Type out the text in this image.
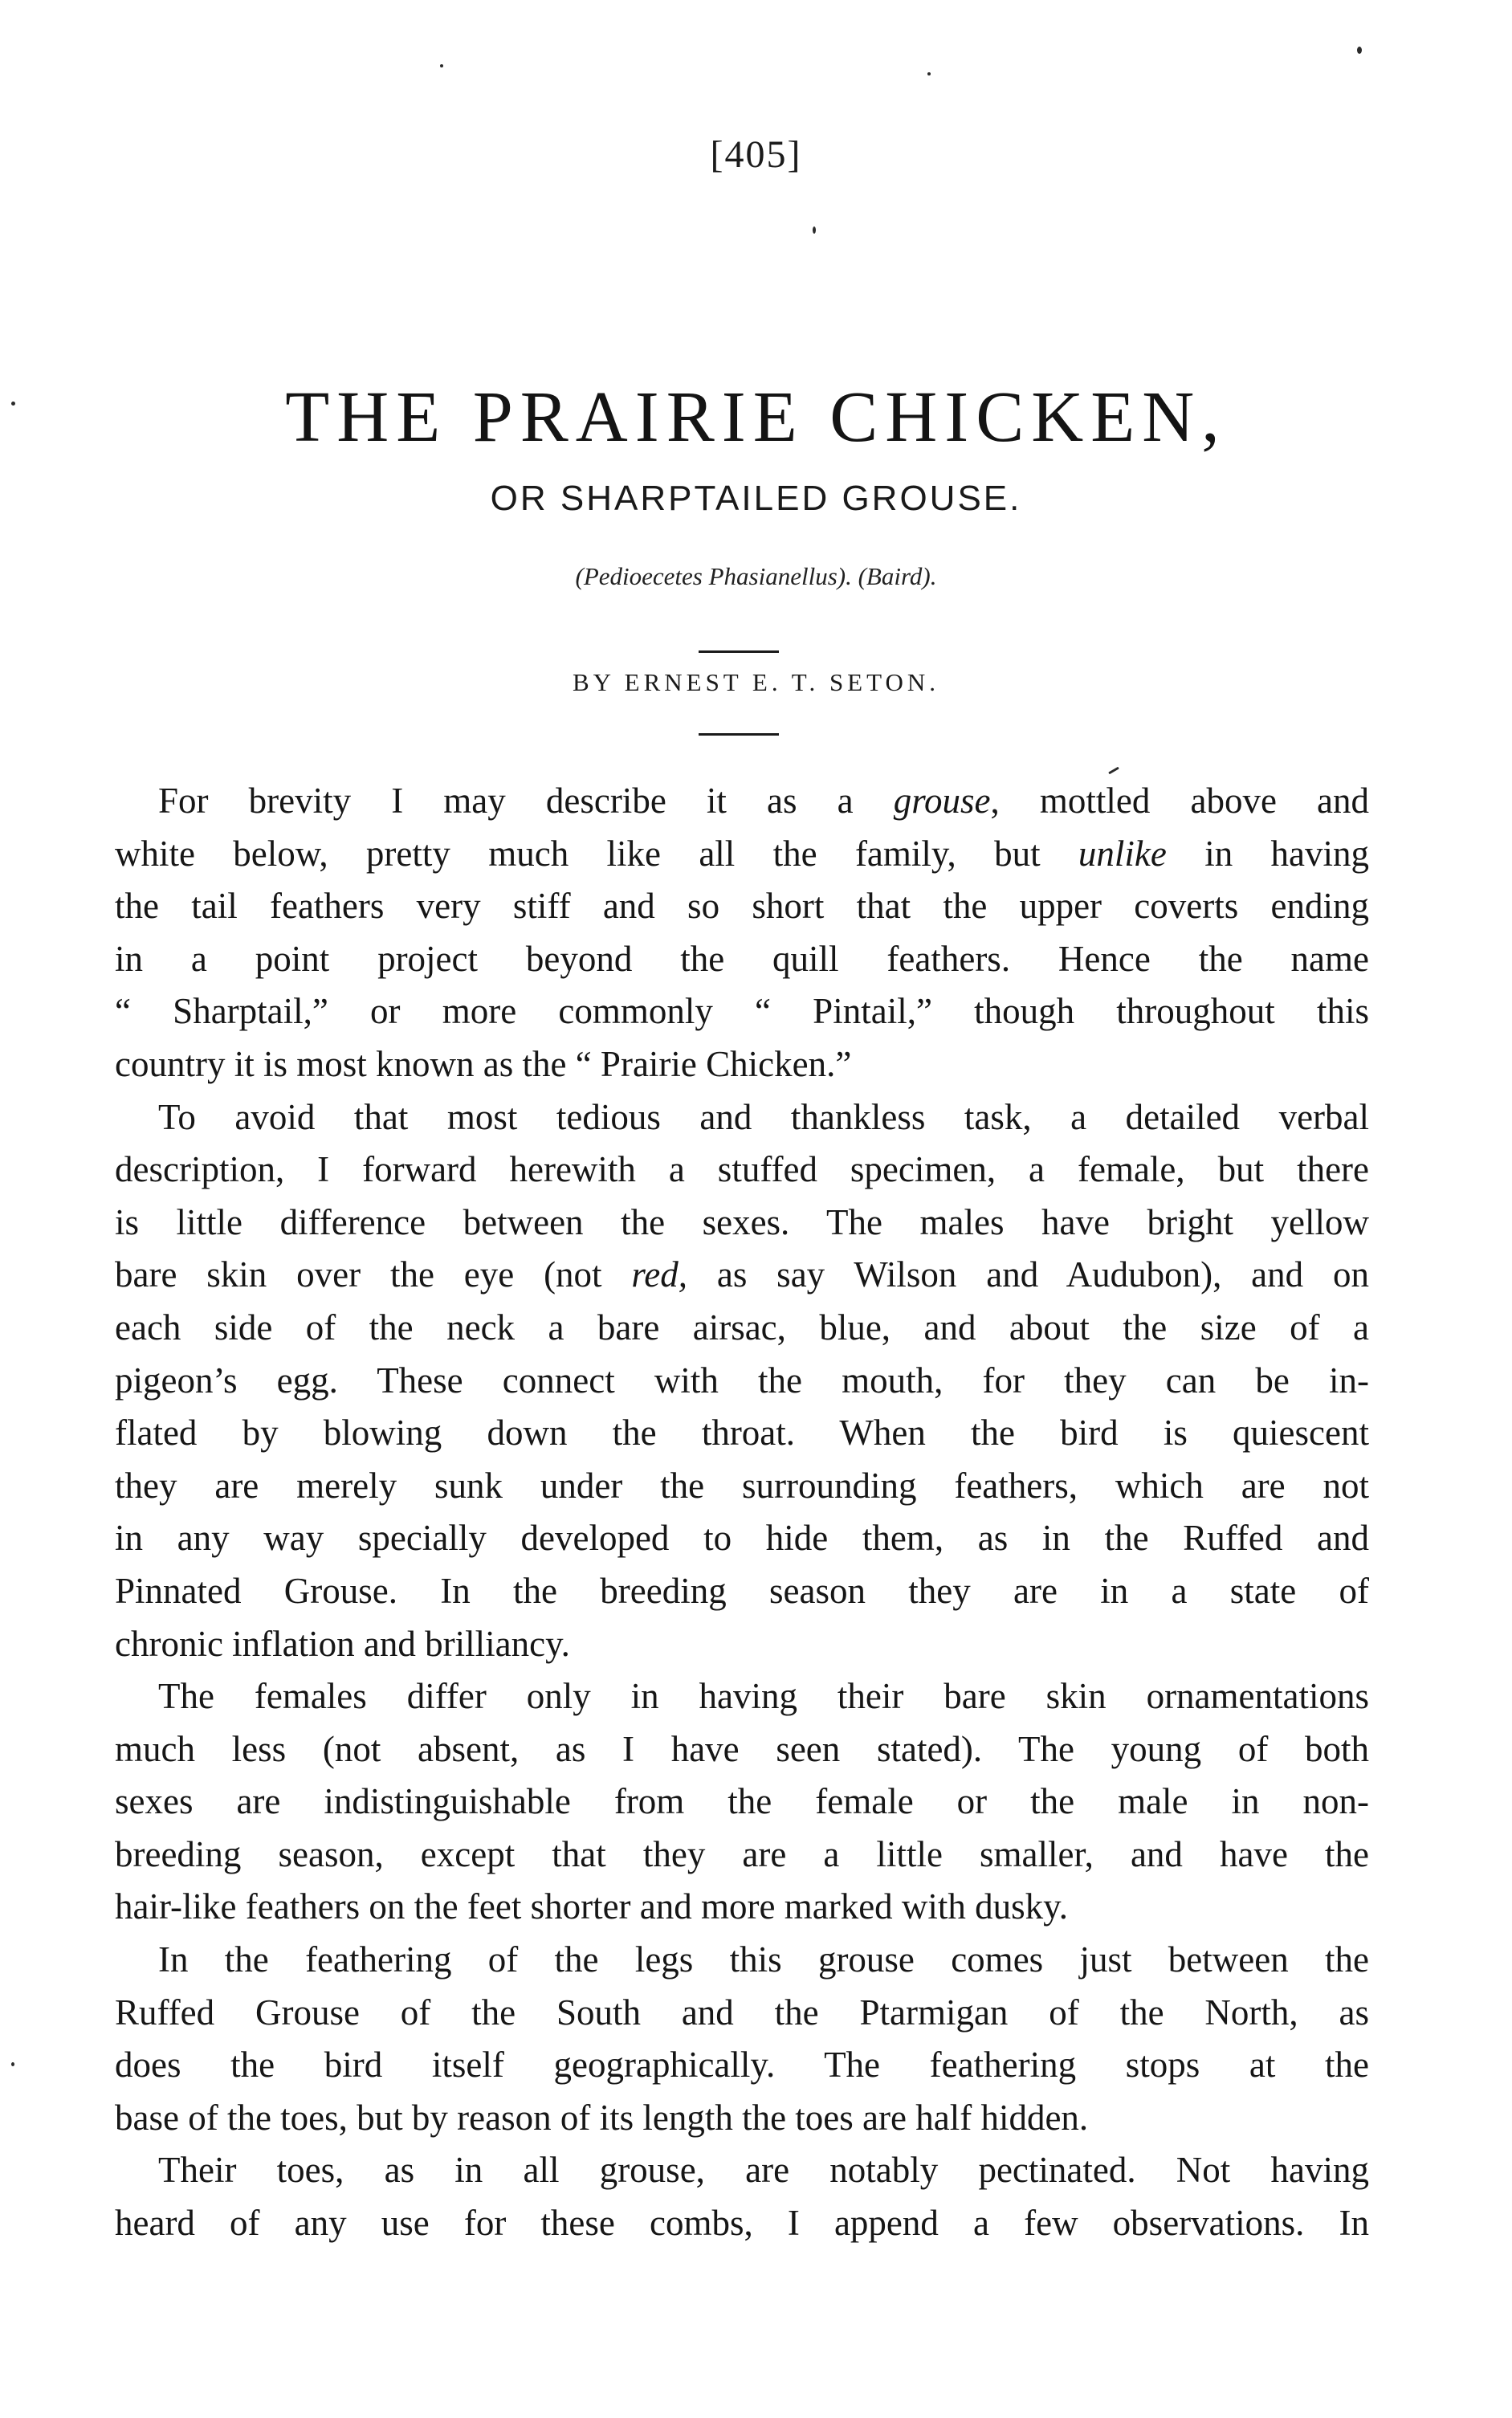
[405]
THE PRAIRIE CHICKEN,
OR SHARPTAILED GROUSE.
(Pedioecetes Phasianellus). (Baird).
BY ERNEST E. T. SETON.
For brevity I may describe it as a grouse, mottled above and
white below, pretty much like all the family, but unlike in having
the tail feathers very stiff and so short that the upper coverts ending
in a point project beyond the quill feathers. Hence the name
“ Sharptail,” or more commonly “ Pintail,” though throughout this
country it is most known as the “ Prairie Chicken.”
To avoid that most tedious and thankless task, a detailed verbal
description, I forward herewith a stuffed specimen, a female, but there
is little difference between the sexes. The males have bright yellow
bare skin over the eye (not red, as say Wilson and Audubon), and on
each side of the neck a bare airsac, blue, and about the size of a
pigeon’s egg. These connect with the mouth, for they can be in-
flated by blowing down the throat. When the bird is quiescent
they are merely sunk under the surrounding feathers, which are not
in any way specially developed to hide them, as in the Ruffed and
Pinnated Grouse. In the breeding season they are in a state of
chronic inflation and brilliancy.
The females differ only in having their bare skin ornamentations
much less (not absent, as I have seen stated). The young of both
sexes are indistinguishable from the female or the male in non-
breeding season, except that they are a little smaller, and have the
hair-like feathers on the feet shorter and more marked with dusky.
In the feathering of the legs this grouse comes just between the
Ruffed Grouse of the South and the Ptarmigan of the North, as
does the bird itself geographically. The feathering stops at the
base of the toes, but by reason of its length the toes are half hidden.
Their toes, as in all grouse, are notably pectinated. Not having
heard of any use for these combs, I append a few observations. In
